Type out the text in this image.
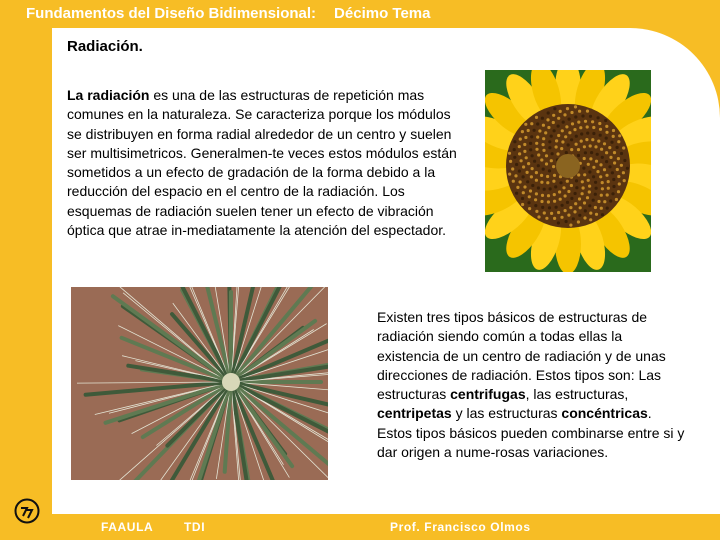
Fundamentos del Diseño Bidimensional: Décimo Tema
Radiación.

La radiación es una de las estructuras de repetición mas comunes en la naturaleza. Se caracteriza porque los módulos se distribuyen en forma radial alrededor de un centro y suelen ser multisimetricos. Generalmen-te veces estos módulos están sometidos a un efecto de gradación de la forma debido a la reducción del espacio en el centro de la radiación. Los esquemas de radiación suelen tener un efecto de vibración óptica que atrae in-mediatamente la atención del espectador.

Existen tres tipos básicos de estructuras de radiación siendo común a todas ellas la existencia de un centro de radiación y de unas direcciones de radiación. Estos tipos son: Las estructuras centrifugas, las estructuras, centripetas y las estructuras concéntricas. Estos tipos básicos pueden combinarse entre si y dar origen a nume-rosas variaciones.

FAAULA	TDI	Prof. Francisco Olmos
